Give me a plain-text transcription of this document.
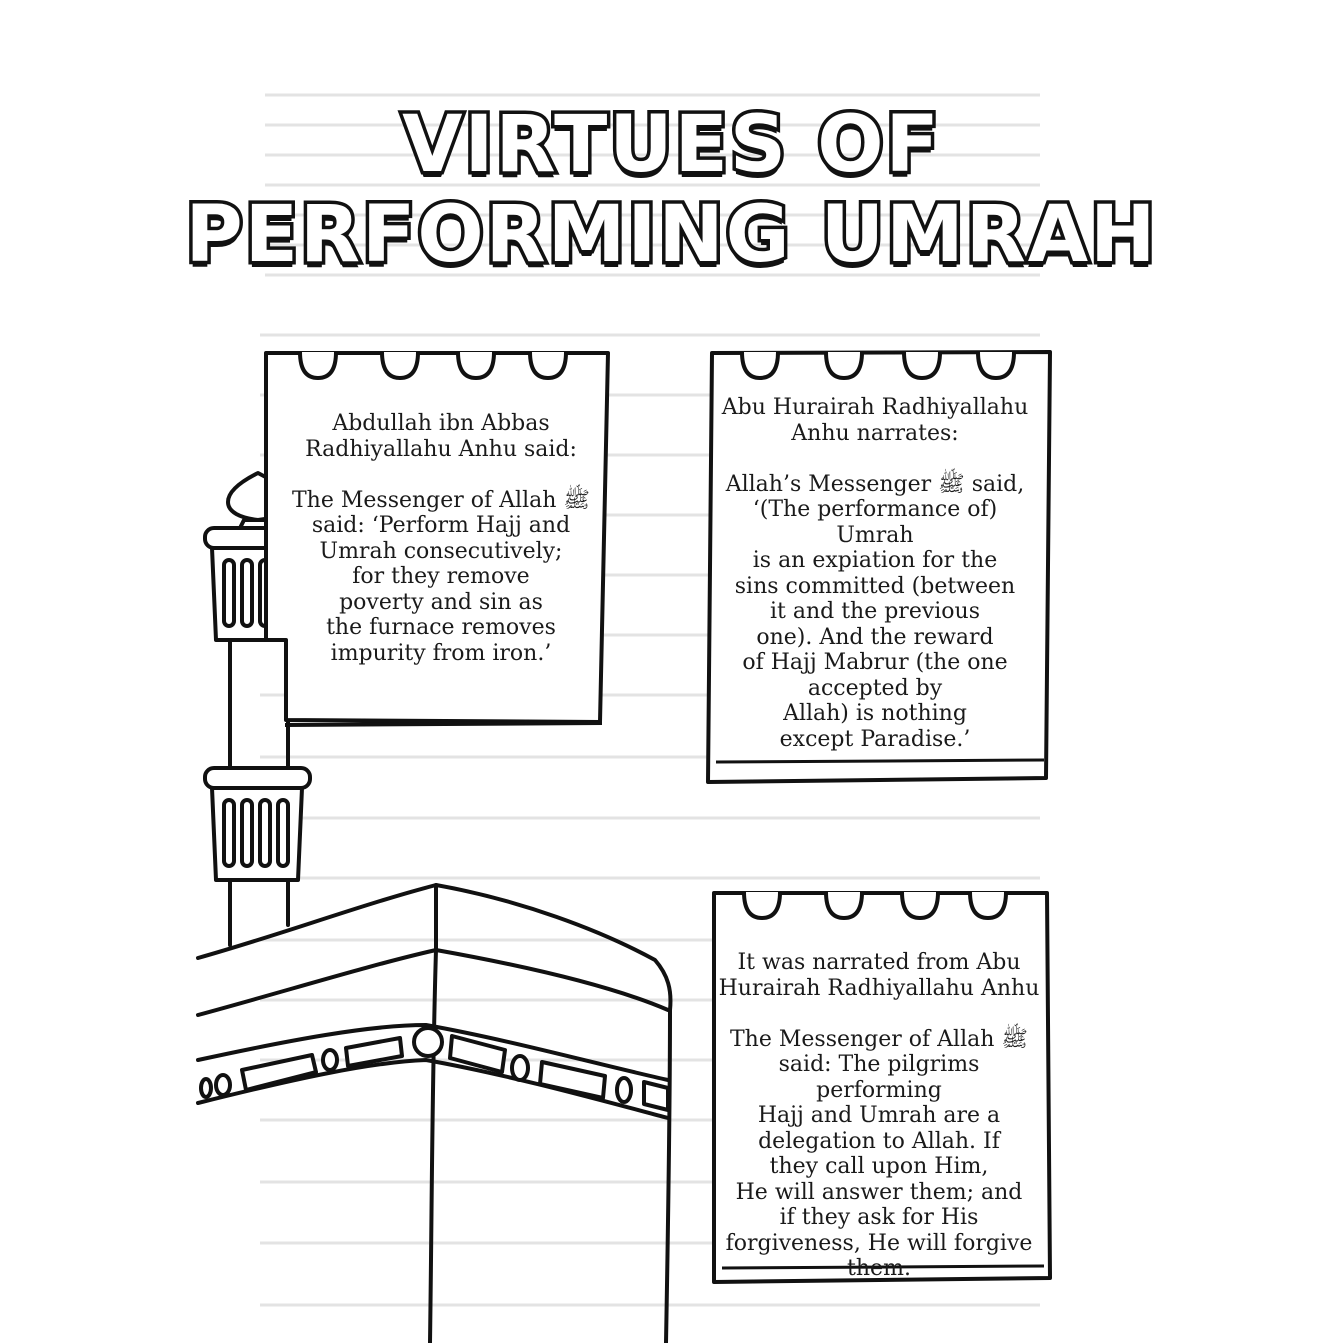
VIRTUES OF
PERFORMING UMRAH

Abdullah ibn Abbas
Radhiyallahu Anhu said:

The Messenger of Allah ﷺ
said: ‘Perform Hajj and
Umrah consecutively;
for they remove
poverty and sin as
the furnace removes
impurity from iron.’

Abu Hurairah Radhiyallahu
Anhu narrates:

Allah’s Messenger ﷺ said,
‘(The performance of) Umrah
is an expiation for the
sins committed (between
it and the previous
one). And the reward
of Hajj Mabrur (the one
accepted by
Allah) is nothing
except Paradise.’

It was narrated from Abu
Hurairah Radhiyallahu Anhu

The Messenger of Allah ﷺ
said: The pilgrims performing
Hajj and Umrah are a
delegation to Allah. If
they call upon Him,
He will answer them; and
if they ask for His
forgiveness, He will forgive
them.
